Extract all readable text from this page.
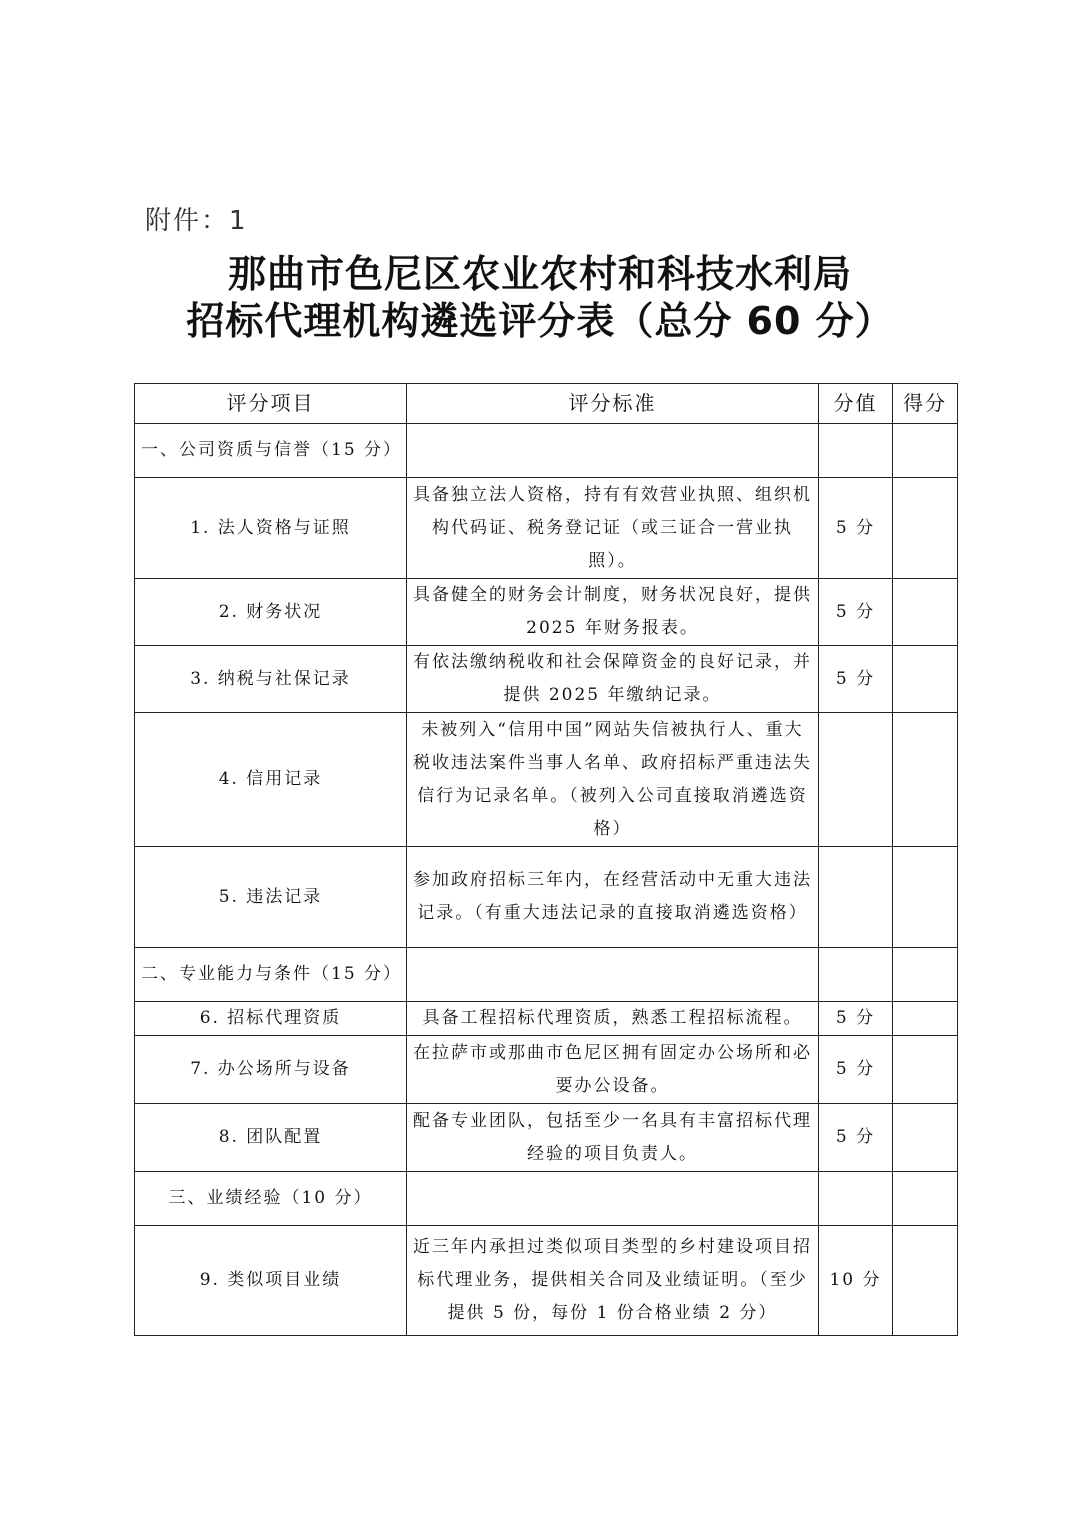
附件：1
那曲市色尼区农业农村和科技水利局
招标代理机构遴选评分表（总分 60 分）
评分项目	评分标准	分值	得分
一、公司资质与信誉（15 分）			
1. 法人资格与证照	具备独立法人资格，持有有效营业执照、组织机构代码证、税务登记证（或三证合一营业执照）。	5 分	
2. 财务状况	具备健全的财务会计制度，财务状况良好，提供 2025 年财务报表。	5 分	
3. 纳税与社保记录	有依法缴纳税收和社会保障资金的良好记录，并提供 2025 年缴纳记录。	5 分	
4. 信用记录	未被列入“信用中国”网站失信被执行人、重大税收违法案件当事人名单、政府招标严重违法失信行为记录名单。（被列入公司直接取消遴选资格）		
5. 违法记录	参加政府招标三年内，在经营活动中无重大违法记录。（有重大违法记录的直接取消遴选资格）		
二、专业能力与条件（15 分）			
6. 招标代理资质	具备工程招标代理资质，熟悉工程招标流程。	5 分	
7. 办公场所与设备	在拉萨市或那曲市色尼区拥有固定办公场所和必要办公设备。	5 分	
8. 团队配置	配备专业团队，包括至少一名具有丰富招标代理经验的项目负责人。	5 分	
三、业绩经验（10 分）			
9. 类似项目业绩	近三年内承担过类似项目类型的乡村建设项目招标代理业务，提供相关合同及业绩证明。（至少提供 5 份，每份 1 份合格业绩 2 分）	10 分	
